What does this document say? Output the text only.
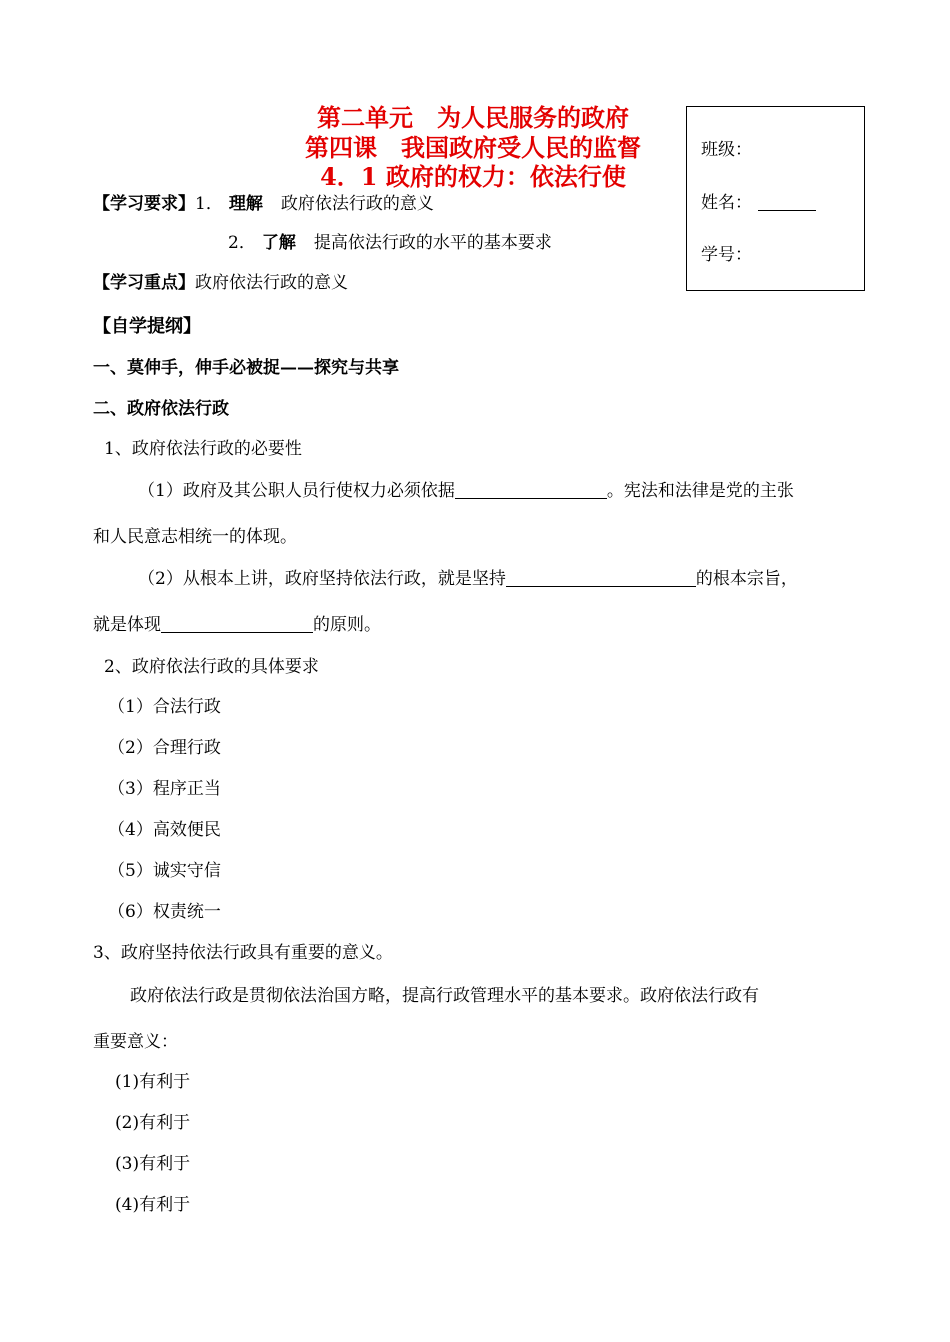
第二单元　为人民服务的政府
第四课　我国政府受人民的监督
4．1 政府的权力：依法行使
班级：
姓名：
学号：
【学习要求】1． 理解 政府依法行政的意义
2． 了解 提高依法行政的水平的基本要求
【学习重点】政府依法行政的意义
【自学提纲】
一、莫伸手，伸手必被捉——探究与共享
二、政府依法行政
1、政府依法行政的必要性
（1）政府及其公职人员行使权力必须依据	。宪法和法律是党的主张
和人民意志相统一的体现。
（2）从根本上讲，政府坚持依法行政，就是坚持	的根本宗旨，
就是体现	的原则。
2、政府依法行政的具体要求
（1）合法行政
（2）合理行政
（3）程序正当
（4）高效便民
（5）诚实守信
（6）权责统一
3、政府坚持依法行政具有重要的意义。
政府依法行政是贯彻依法治国方略，提高行政管理水平的基本要求。政府依法行政有
重要意义：
(1)有利于
(2)有利于
(3)有利于
(4)有利于
